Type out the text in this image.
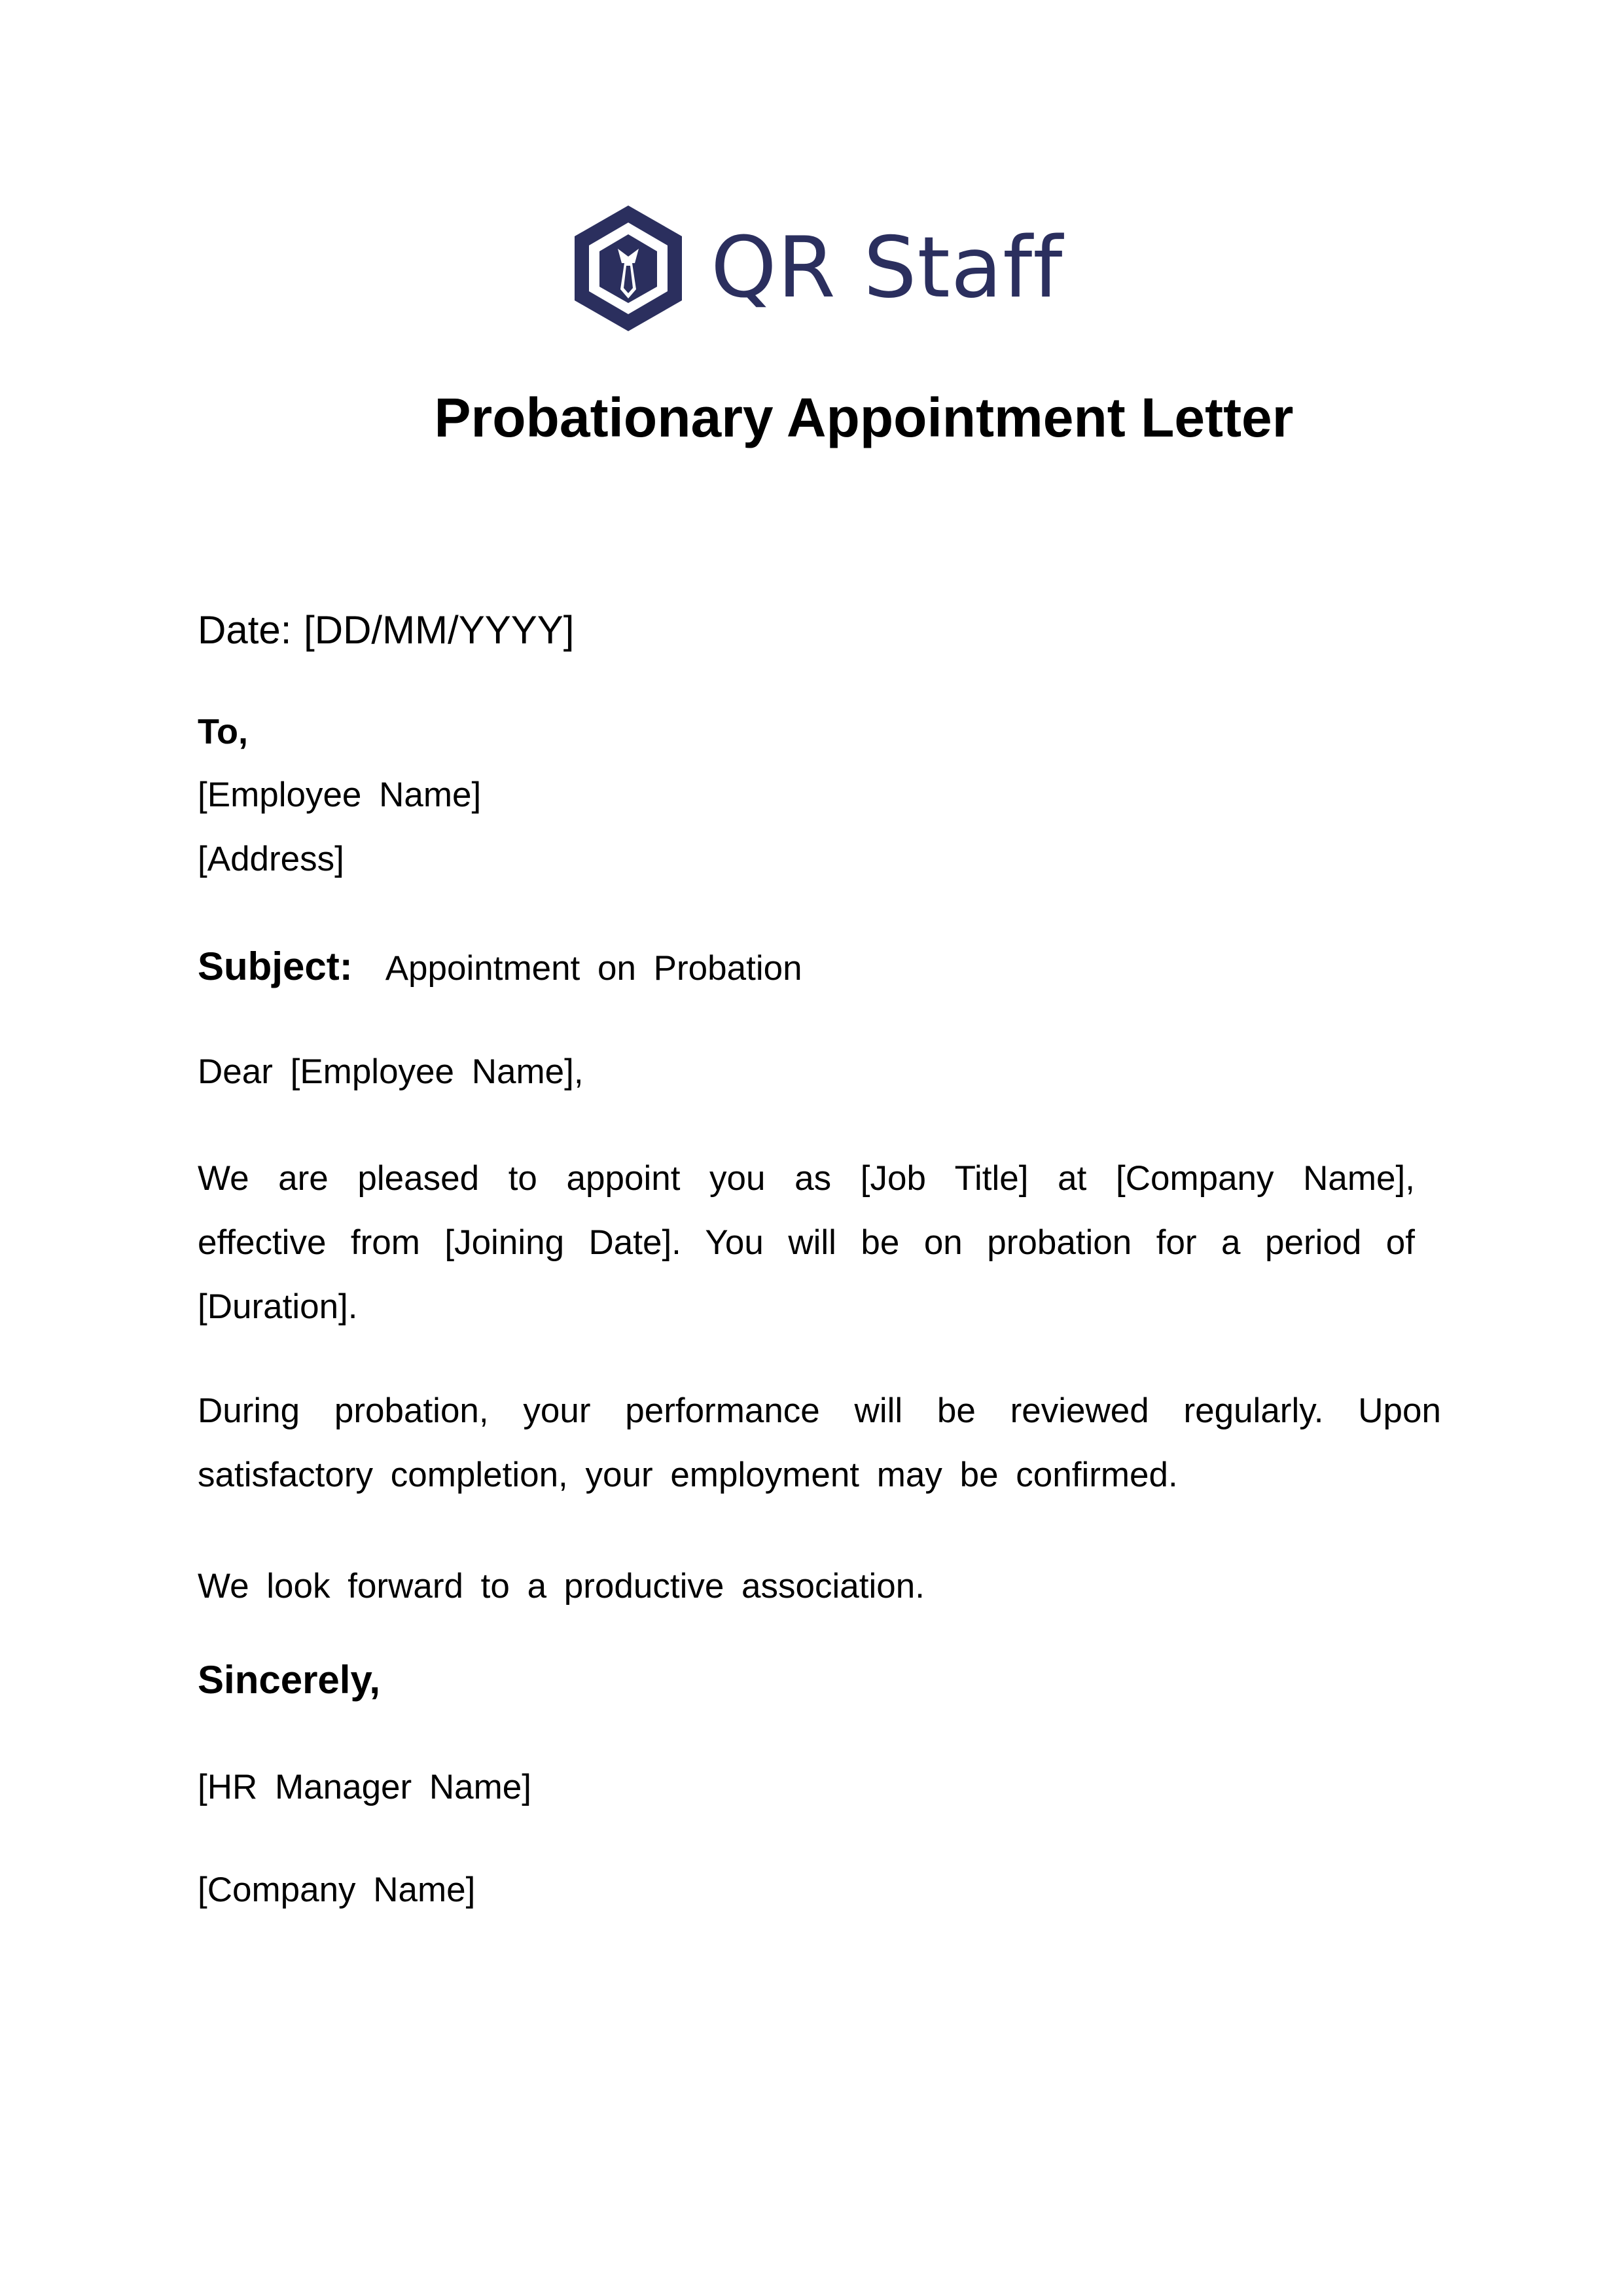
QR Staff
Probationary Appointment Letter
Date: [DD/MM/YYYY]
To,
[Employee Name]
[Address]
Subject: Appointment on Probation
Dear [Employee Name],
We are pleased to appoint you as [Job Title] at [Company Name], effective from [Joining Date]. You will be on probation for a period of [Duration].
During probation, your performance will be reviewed regularly. Upon satisfactory completion, your employment may be confirmed.
We look forward to a productive association.
Sincerely,
[HR Manager Name]
[Company Name]
